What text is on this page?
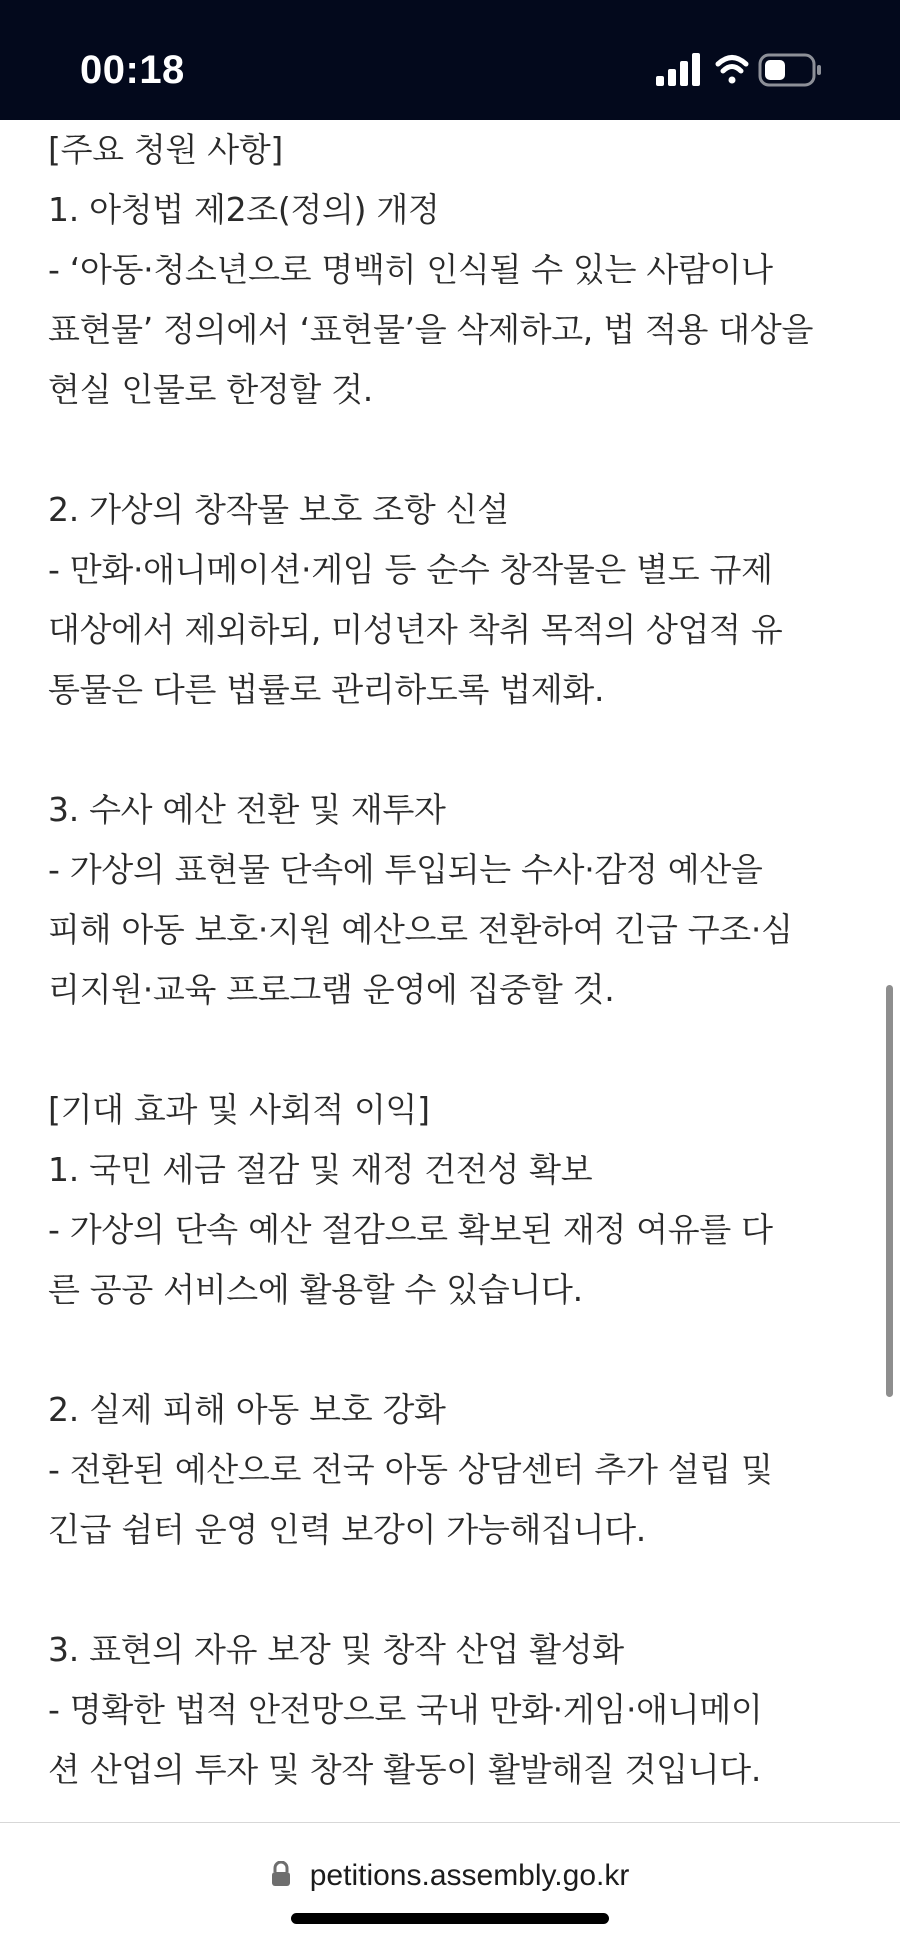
00:18
[주요 청원 사항]
1. 아청법 제2조(정의) 개정
- ‘아동·청소년으로 명백히 인식될 수 있는 사람이나
표현물’ 정의에서 ‘표현물’을 삭제하고, 법 적용 대상을
현실 인물로 한정할 것.
2. 가상의 창작물 보호 조항 신설
- 만화·애니메이션·게임 등 순수 창작물은 별도 규제
대상에서 제외하되, 미성년자 착취 목적의 상업적 유
통물은 다른 법률로 관리하도록 법제화.
3. 수사 예산 전환 및 재투자
- 가상의 표현물 단속에 투입되는 수사·감정 예산을
피해 아동 보호·지원 예산으로 전환하여 긴급 구조·심
리지원·교육 프로그램 운영에 집중할 것.
[기대 효과 및 사회적 이익]
1. 국민 세금 절감 및 재정 건전성 확보
- 가상의 단속 예산 절감으로 확보된 재정 여유를 다
른 공공 서비스에 활용할 수 있습니다.
2. 실제 피해 아동 보호 강화
- 전환된 예산으로 전국 아동 상담센터 추가 설립 및
긴급 쉼터 운영 인력 보강이 가능해집니다.
3. 표현의 자유 보장 및 창작 산업 활성화
- 명확한 법적 안전망으로 국내 만화·게임·애니메이
션 산업의 투자 및 창작 활동이 활발해질 것입니다.
petitions.assembly.go.kr
